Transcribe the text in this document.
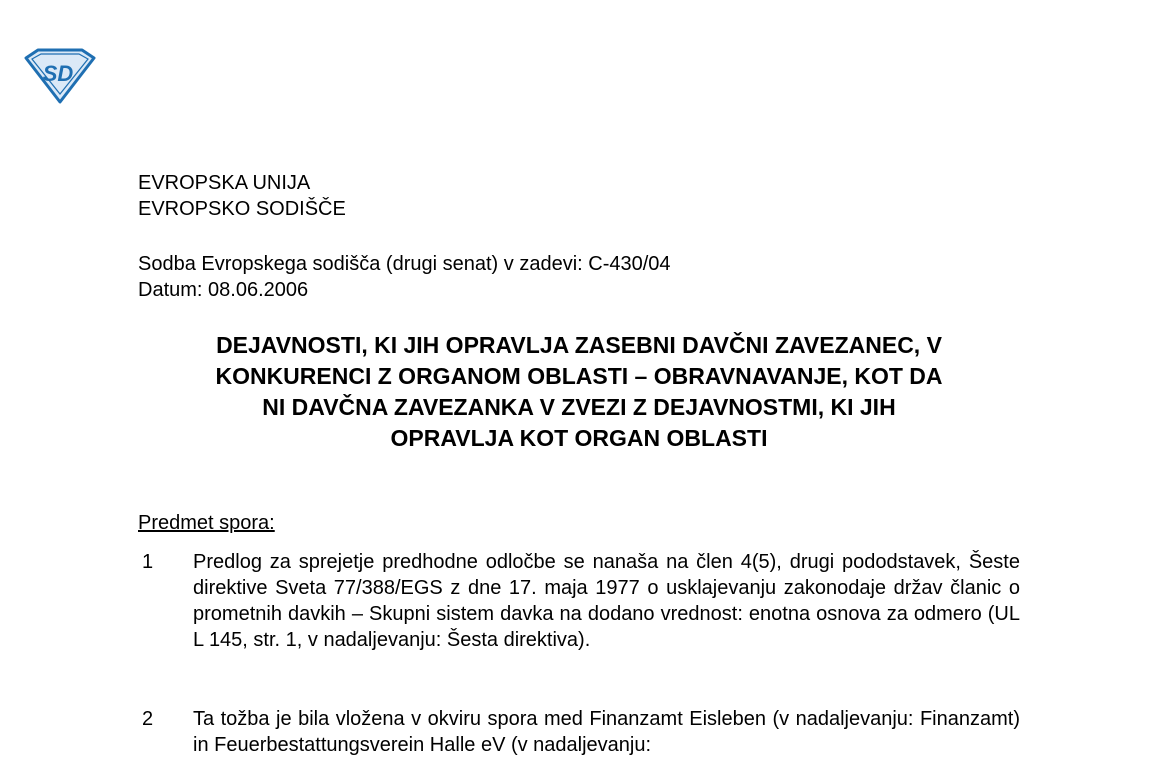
SD
EVROPSKA UNIJA
EVROPSKO SODIŠČE
Sodba Evropskega sodišča (drugi senat) v zadevi: C-430/04
Datum: 08.06.2006
DEJAVNOSTI, KI JIH OPRAVLJA ZASEBNI DAVČNI ZAVEZANEC, V
KONKURENCI Z ORGANOM OBLASTI – OBRAVNAVANJE, KOT DA
NI DAVČNA ZAVEZANKA V ZVEZI Z DEJAVNOSTMI, KI JIH
OPRAVLJA KOT ORGAN OBLASTI
Predmet spora:
1 Predlog za sprejetje predhodne odločbe se nanaša na člen 4(5), drugi pododstavek, Šeste direktive Sveta 77/388/EGS z dne 17. maja 1977 o usklajevanju zakonodaje držav članic o prometnih davkih – Skupni sistem davka na dodano vrednost: enotna osnova za odmero (UL L 145, str. 1, v nadaljevanju: Šesta direktiva).
2 Ta tožba je bila vložena v okviru spora med Finanzamt Eisleben (v nadaljevanju: Finanzamt) in Feuerbestattungsverein Halle eV (v nadaljevanju:
